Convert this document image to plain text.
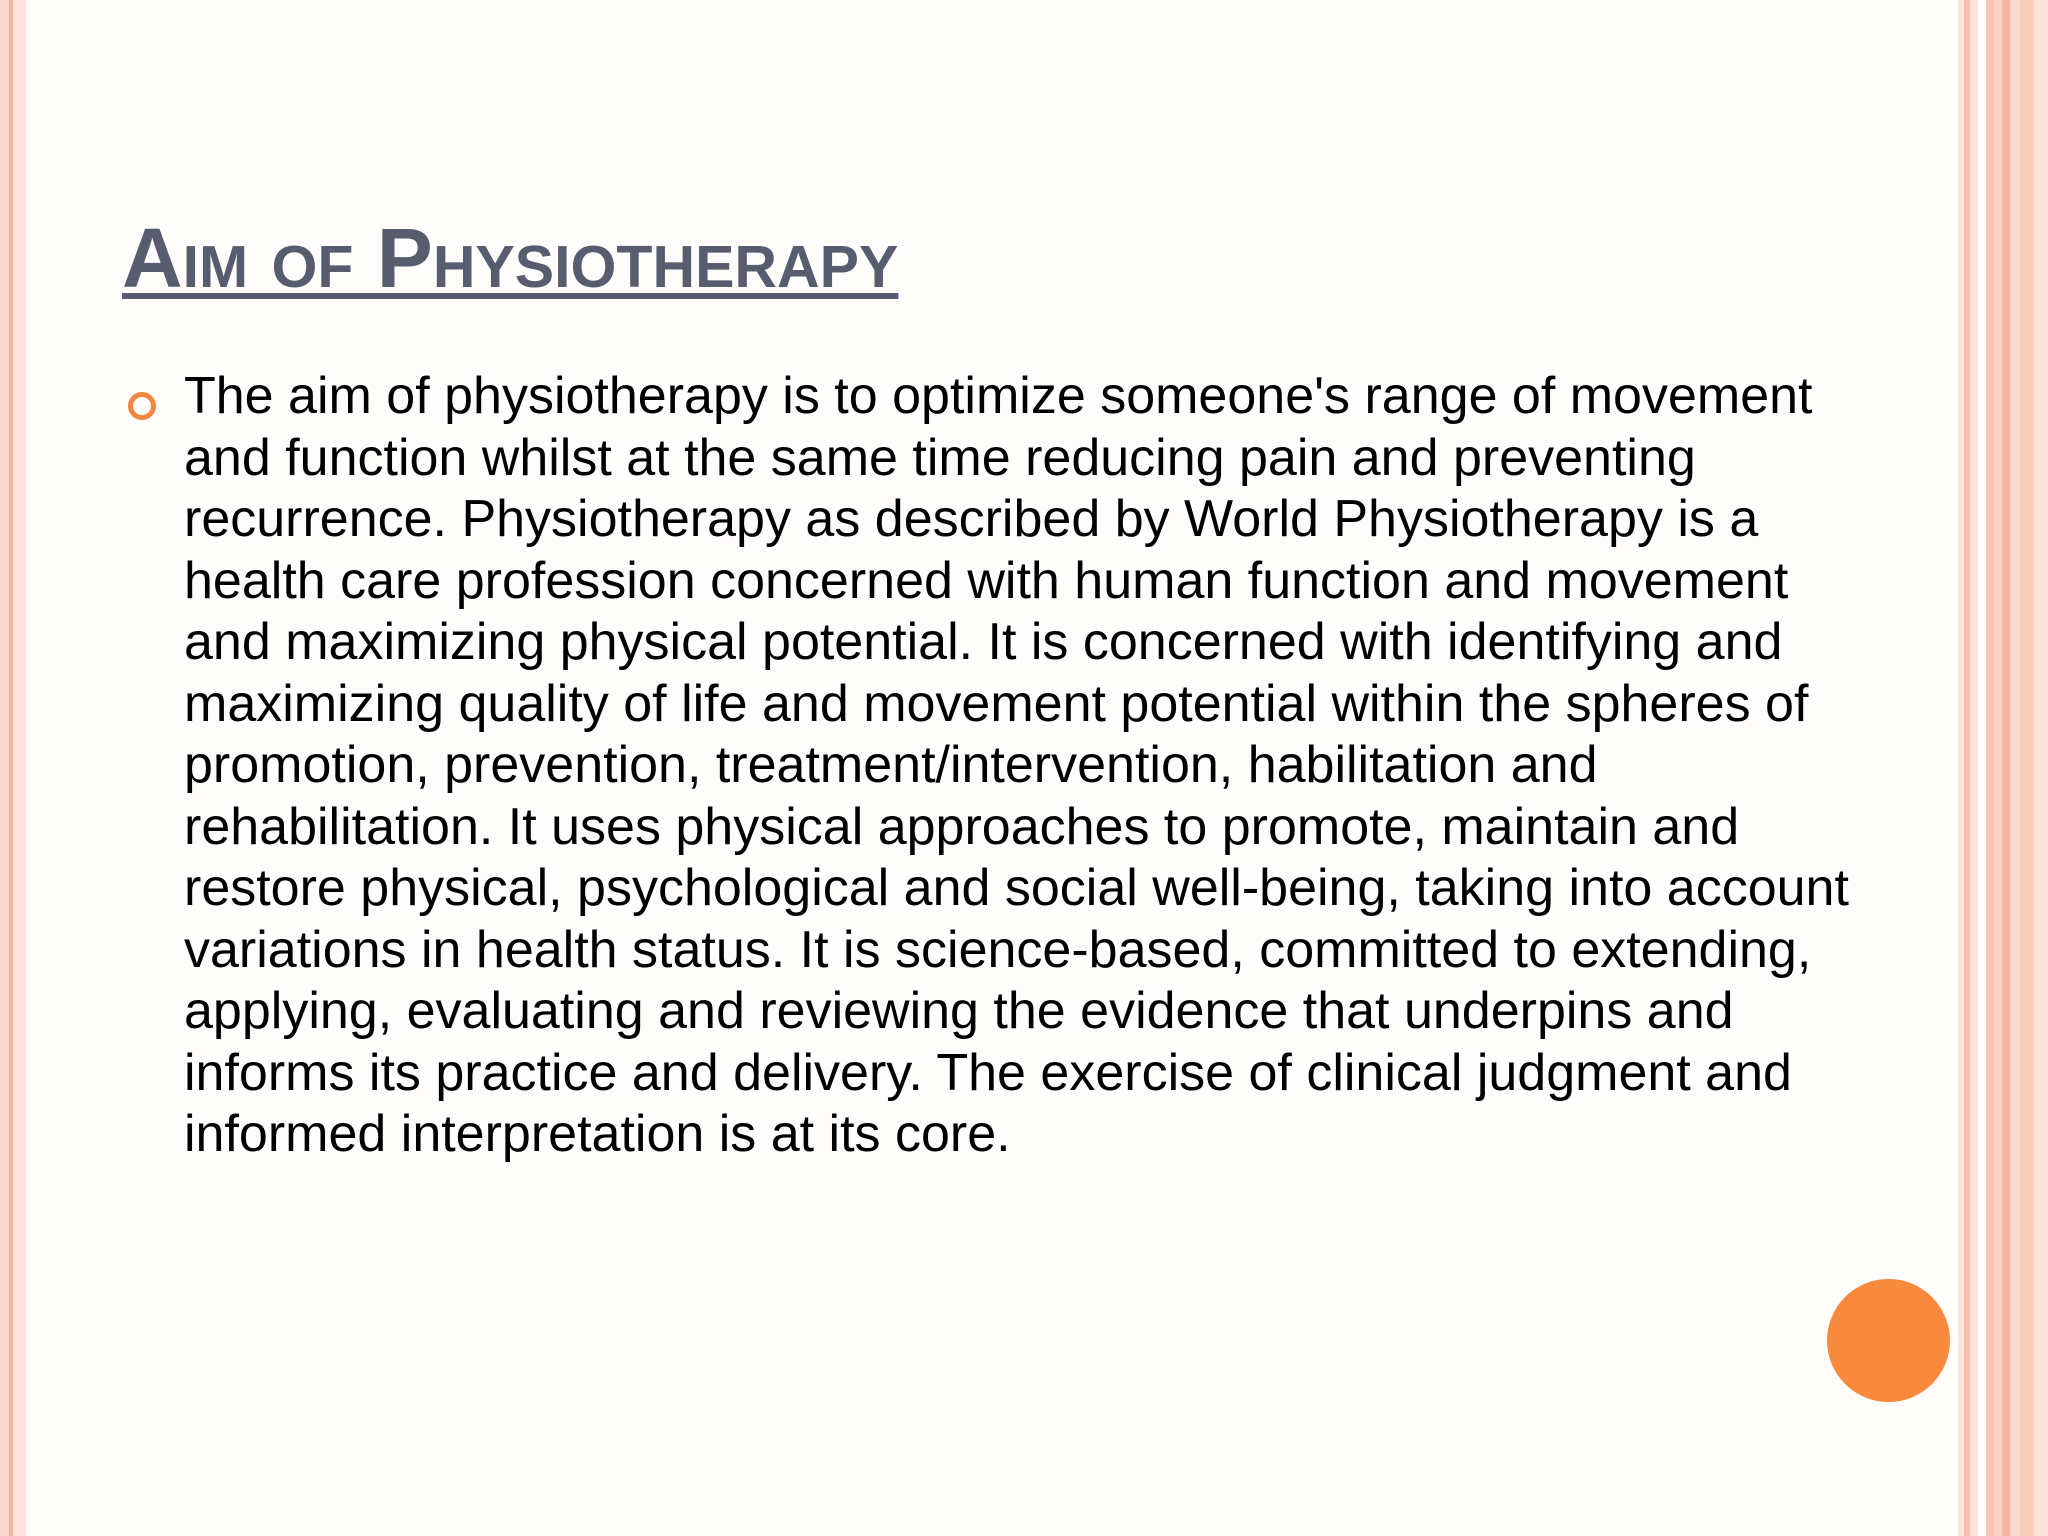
Aim of Physiotherapy

The aim of physiotherapy is to optimize someone's range of movement and function whilst at the same time reducing pain and preventing recurrence. Physiotherapy as described by World Physiotherapy is a health care profession concerned with human function and movement and maximizing physical potential. It is concerned with identifying and maximizing quality of life and movement potential within the spheres of promotion, prevention, treatment/intervention, habilitation and rehabilitation. It uses physical approaches to promote, maintain and restore physical, psychological and social well-being, taking into account variations in health status. It is science-based, committed to extending, applying, evaluating and reviewing the evidence that underpins and informs its practice and delivery. The exercise of clinical judgment and informed interpretation is at its core.
